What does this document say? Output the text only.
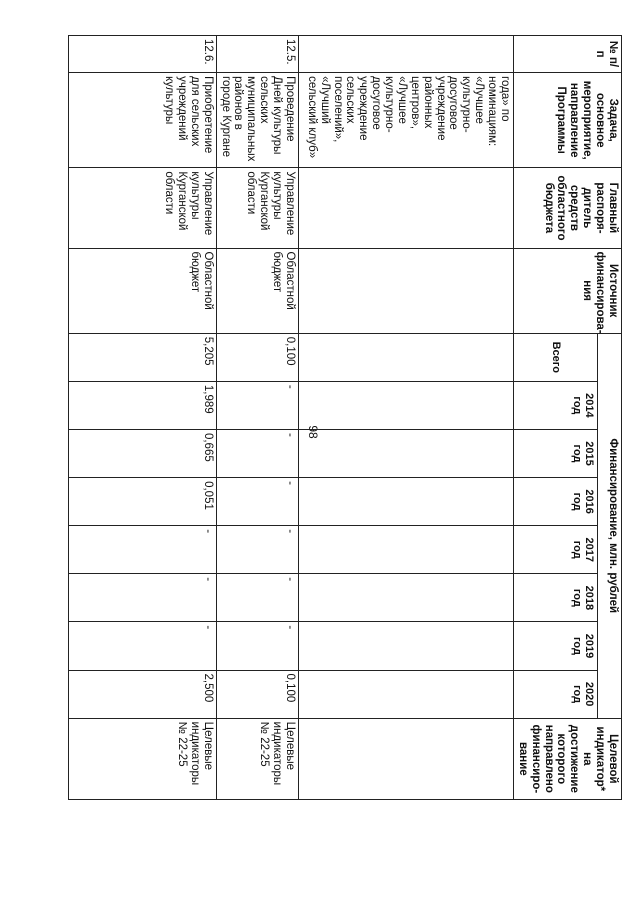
98
№ п/п	Задача, основное мероприятие, направление Программы	Главный распоря-дитель средств областного бюджета	Источник финансирова-ния	Финансирование, млн. рублей								Целевой индикатор* на достижение которого направлено финансиро-вание
				Всего	2014 год	2015 год	2016 год	2017 год	2018 год	2019 год	2020 год	
	года» по номинациям: «Лучшее культурно-досуговое учреждение районных центров», «Лучшее культурно-досуговое учреждение сельских поселений», «Лучший сельский клуб»											
12.5.	Проведение Дней культуры сельских муниципальных районов в городе Кургане	Управление культуры Курганской области	Областной бюджет	0,100	-	-	-	-	-	-	0,100	Целевые индикаторы № 22-25
12.6.	Приобретение для сельских учреждений культуры	Управление культуры Курганской области	Областной бюджет	5,205	1,989	0,665	0,051	-	-	-	2,500	Целевые индикаторы № 22-25
